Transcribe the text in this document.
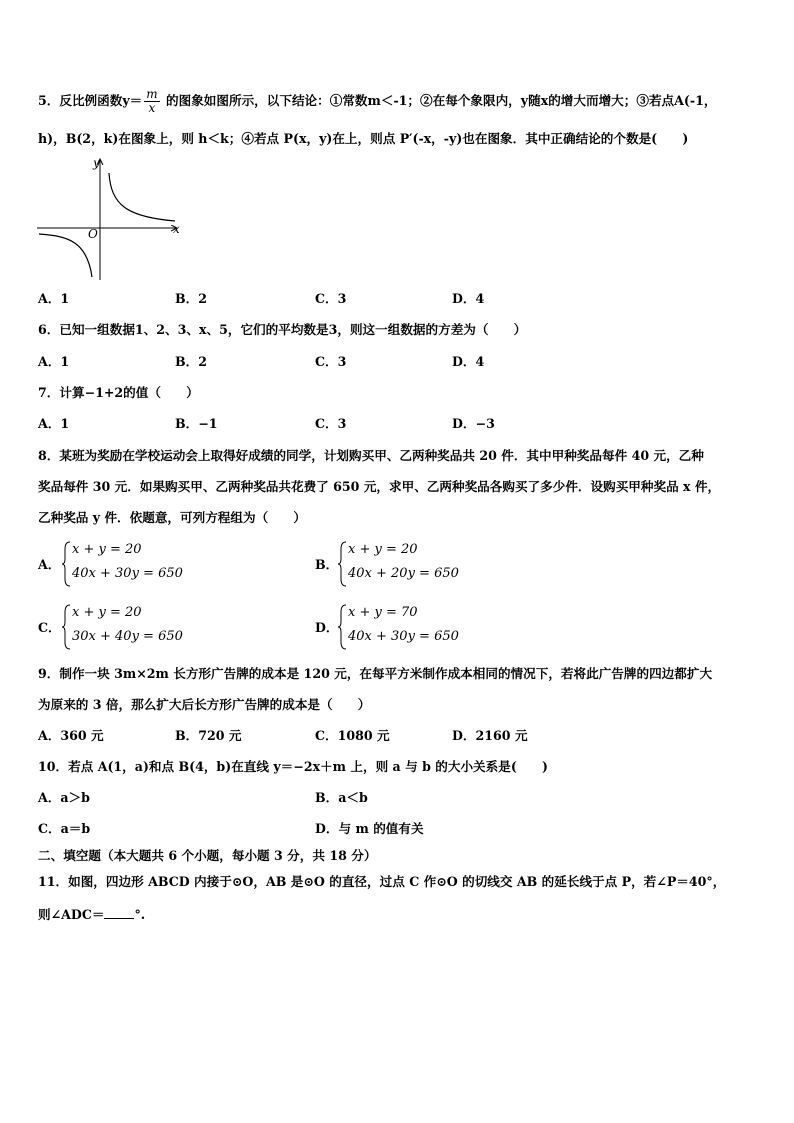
5．反比例函数$y= \frac{m}{x}$ 的图象如图所示，以下结论：①常数m＜-1；②在每个象限内，y随x的增大而增大；③若点A(-1，
h)，B(2，k)在图象上，则 h＜k；④若点 P(x，y)在上，则点 P′(-x，-y)也在图象．其中正确结论的个数是(　　)
x
y
O
A．1	B．2	C．3	D．4
6．已知一组数据1、2、3、x、5，它们的平均数是3，则这一组数据的方差为（　　）
A．1	B．2	C．3	D．4
7．计算−1+2的值（　　）
A．1	B．−1	C．3	D．−3
8．某班为奖励在学校运动会上取得好成绩的同学，计划购买甲、乙两种奖品共 20 件．其中甲种奖品每件 40 元，乙种
奖品每件 30 元．如果购买甲、乙两种奖品共花费了 650 元，求甲、乙两种奖品各购买了多少件．设购买甲种奖品 x 件，
乙种奖品 y 件．依题意，可列方程组为（　　）
A．
x + y = 20
40x + 30y = 650
B．
x + y = 20
40x + 20y = 650
C．
x + y = 20
30x + 40y = 650
D．
x + y = 70
40x + 30y = 650
9．制作一块 3m×2m 长方形广告牌的成本是 120 元，在每平方米制作成本相同的情况下，若将此广告牌的四边都扩大
为原来的 3 倍，那么扩大后长方形广告牌的成本是（　　）
A．360 元	B．720 元	C．1080 元	D．2160 元
10．若点 A(1，a)和点 B(4，b)在直线 y＝−2x＋m 上，则 a 与 b 的大小关系是(　　)
A．a＞b	B．a＜b
C．a＝b	D．与 m 的值有关
二、填空题（本大题共 6 个小题，每小题 3 分，共 18 分）
11．如图，四边形 ABCD 内接于⊙O，AB 是⊙O 的直径，过点 C 作⊙O 的切线交 AB 的延长线于点 P，若∠P＝40°，
则∠ADC＝ °.
